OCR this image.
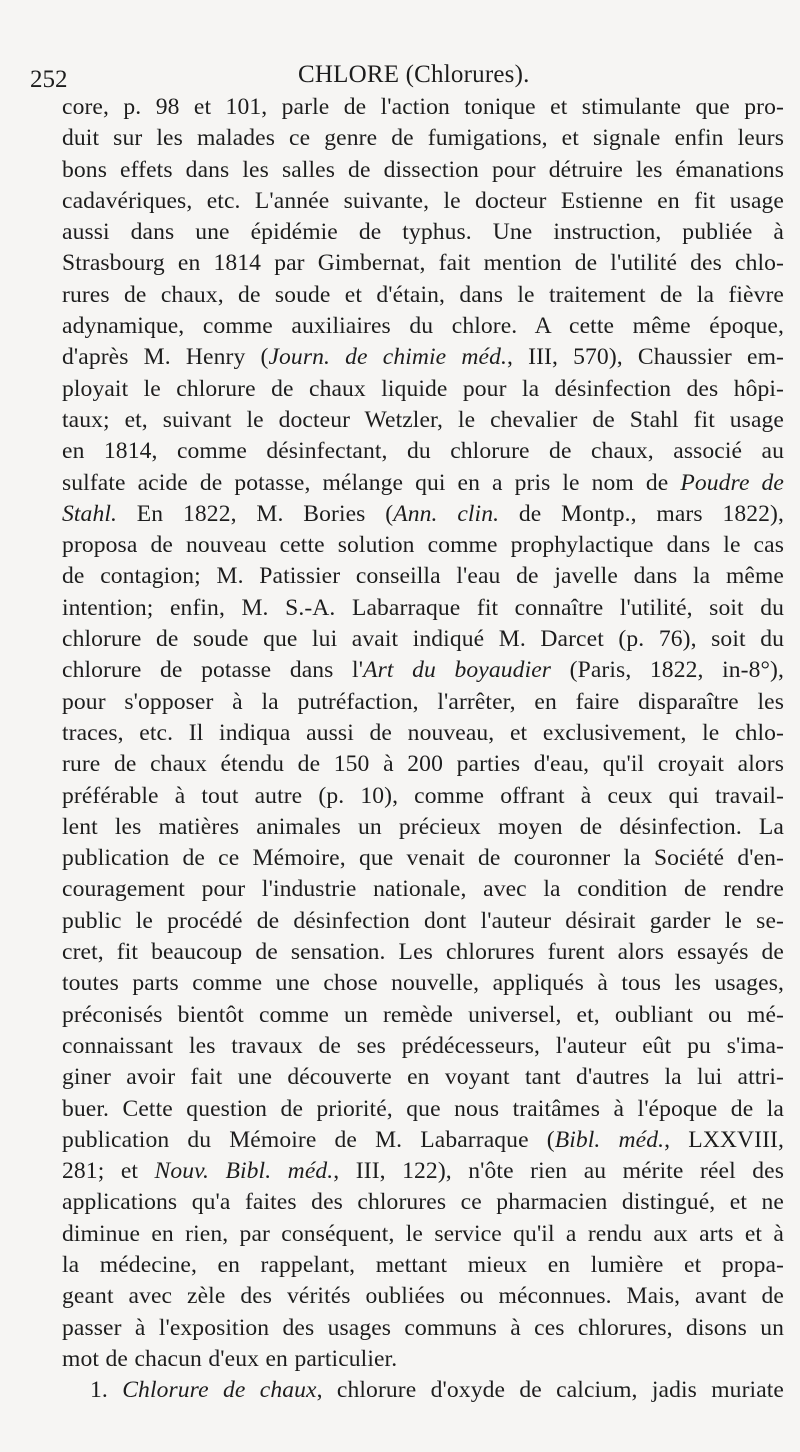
252	CHLORE (Chlorures).
core, p. 98 et 101, parle de l'action tonique et stimulante que pro-
duit sur les malades ce genre de fumigations, et signale enfin leurs
bons effets dans les salles de dissection pour détruire les émanations
cadavériques, etc. L'année suivante, le docteur Estienne en fit usage
aussi dans une épidémie de typhus. Une instruction, publiée à
Strasbourg en 1814 par Gimbernat, fait mention de l'utilité des chlo-
rures de chaux, de soude et d'étain, dans le traitement de la fièvre
adynamique, comme auxiliaires du chlore. A cette même époque,
d'après M. Henry (Journ. de chimie méd., III, 570), Chaussier em-
ployait le chlorure de chaux liquide pour la désinfection des hôpi-
taux; et, suivant le docteur Wetzler, le chevalier de Stahl fit usage
en 1814, comme désinfectant, du chlorure de chaux, associé au
sulfate acide de potasse, mélange qui en a pris le nom de Poudre de
Stahl. En 1822, M. Bories (Ann. clin. de Montp., mars 1822),
proposa de nouveau cette solution comme prophylactique dans le cas
de contagion; M. Patissier conseilla l'eau de javelle dans la même
intention; enfin, M. S.-A. Labarraque fit connaître l'utilité, soit du
chlorure de soude que lui avait indiqué M. Darcet (p. 76), soit du
chlorure de potasse dans l'Art du boyaudier (Paris, 1822, in-8°),
pour s'opposer à la putréfaction, l'arrêter, en faire disparaître les
traces, etc. Il indiqua aussi de nouveau, et exclusivement, le chlo-
rure de chaux étendu de 150 à 200 parties d'eau, qu'il croyait alors
préférable à tout autre (p. 10), comme offrant à ceux qui travail-
lent les matières animales un précieux moyen de désinfection. La
publication de ce Mémoire, que venait de couronner la Société d'en-
couragement pour l'industrie nationale, avec la condition de rendre
public le procédé de désinfection dont l'auteur désirait garder le se-
cret, fit beaucoup de sensation. Les chlorures furent alors essayés de
toutes parts comme une chose nouvelle, appliqués à tous les usages,
préconisés bientôt comme un remède universel, et, oubliant ou mé-
connaissant les travaux de ses prédécesseurs, l'auteur eût pu s'ima-
giner avoir fait une découverte en voyant tant d'autres la lui attri-
buer. Cette question de priorité, que nous traitâmes à l'époque de la
publication du Mémoire de M. Labarraque (Bibl. méd., LXXVIII,
281; et Nouv. Bibl. méd., III, 122), n'ôte rien au mérite réel des
applications qu'a faites des chlorures ce pharmacien distingué, et ne
diminue en rien, par conséquent, le service qu'il a rendu aux arts et à
la médecine, en rappelant, mettant mieux en lumière et propa-
geant avec zèle des vérités oubliées ou méconnues. Mais, avant de
passer à l'exposition des usages communs à ces chlorures, disons un
mot de chacun d'eux en particulier.
1. Chlorure de chaux, chlorure d'oxyde de calcium, jadis muriate
